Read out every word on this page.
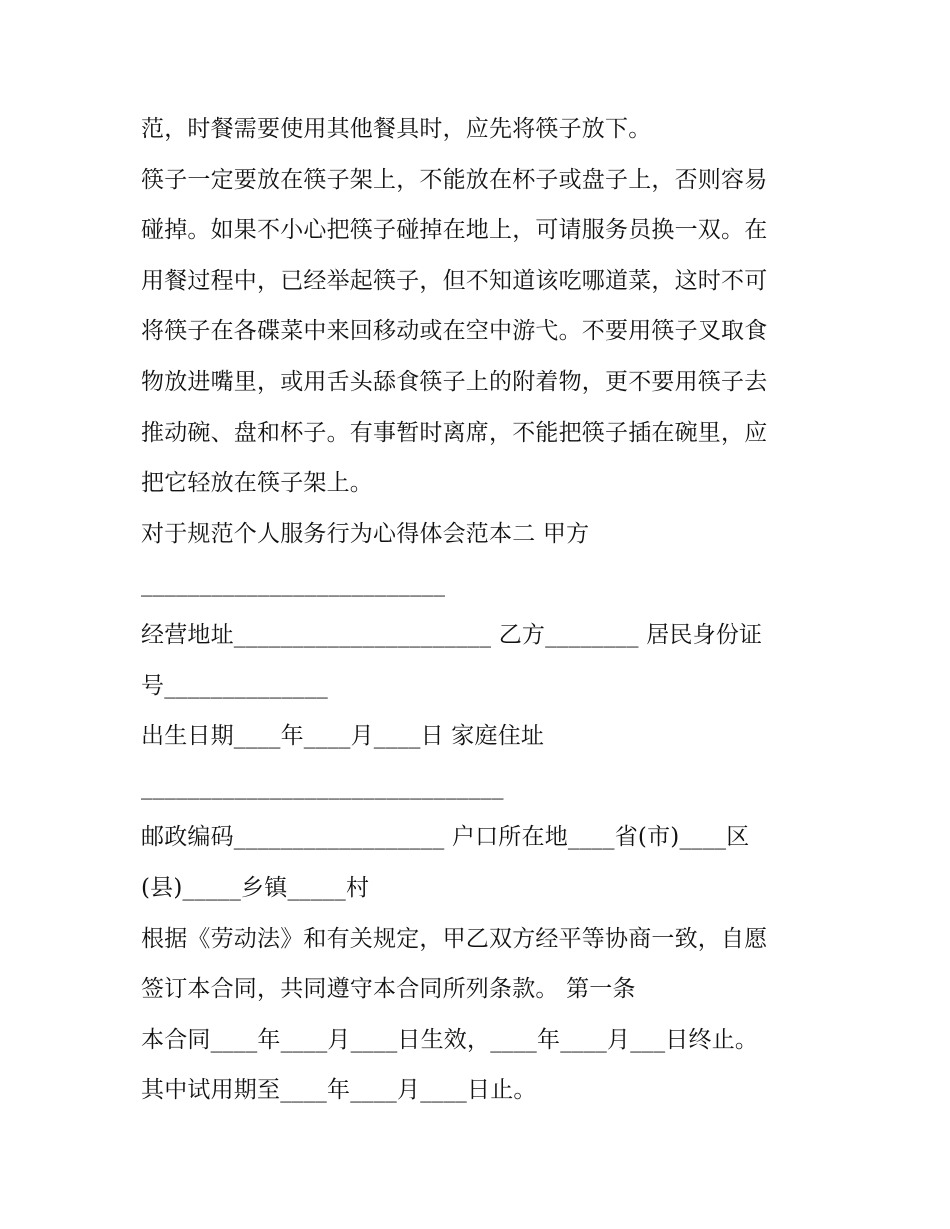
范，时餐需要使用其他餐具时，应先将筷子放下。
筷子一定要放在筷子架上，不能放在杯子或盘子上，否则容易
碰掉。如果不小心把筷子碰掉在地上，可请服务员换一双。在
用餐过程中，已经举起筷子，但不知道该吃哪道菜，这时不可
将筷子在各碟菜中来回移动或在空中游弋。不要用筷子叉取食
物放进嘴里，或用舌头舔食筷子上的附着物，更不要用筷子去
推动碗、盘和杯子。有事暂时离席，不能把筷子插在碗里，应
把它轻放在筷子架上。
对于规范个人服务行为心得体会范本二 甲方
__________________________
经营地址______________________ 乙方________ 居民身份证
号______________
出生日期____年____月____日 家庭住址
_______________________________
邮政编码__________________ 户口所在地____省(市)____区
(县)_____乡镇_____村
根据《劳动法》和有关规定，甲乙双方经平等协商一致，自愿
签订本合同，共同遵守本合同所列条款。 第一条
本合同____年____月____日生效，____年____月___日终止。
其中试用期至____年____月____日止。
